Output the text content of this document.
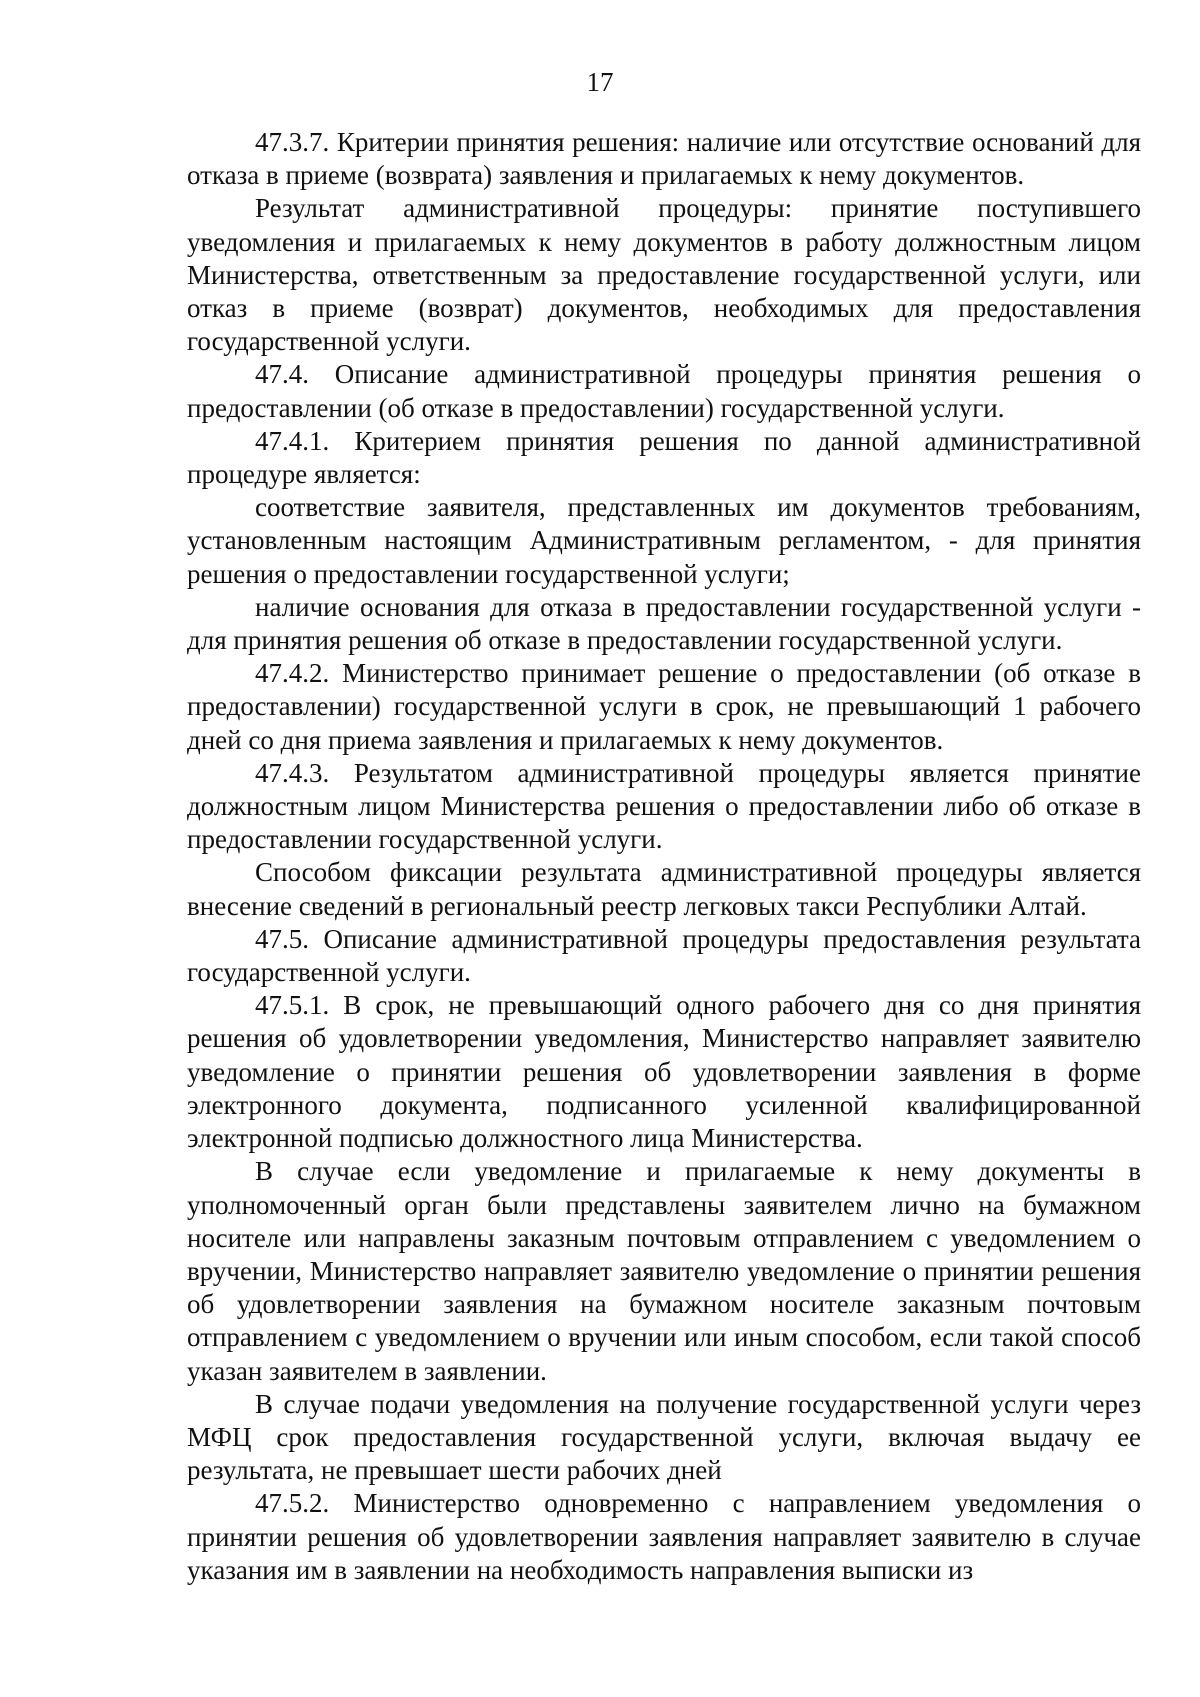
17

47.3.7. Критерии принятия решения: наличие или отсутствие оснований для отказа в приеме (возврата) заявления и прилагаемых к нему документов.

Результат административной процедуры: принятие поступившего уведомления и прилагаемых к нему документов в работу должностным лицом Министерства, ответственным за предоставление государственной услуги, или отказ в приеме (возврат) документов, необходимых для предоставления государственной услуги.

47.4. Описание административной процедуры принятия решения о предоставлении (об отказе в предоставлении) государственной услуги.

47.4.1. Критерием принятия решения по данной административной процедуре является:

соответствие заявителя, представленных им документов требованиям, установленным настоящим Административным регламентом, - для принятия решения о предоставлении государственной услуги;

наличие основания для отказа в предоставлении государственной услуги - для принятия решения об отказе в предоставлении государственной услуги.

47.4.2. Министерство принимает решение о предоставлении (об отказе в предоставлении) государственной услуги в срок, не превышающий 1 рабочего дней со дня приема заявления и прилагаемых к нему документов.

47.4.3. Результатом административной процедуры является принятие должностным лицом Министерства решения о предоставлении либо об отказе в предоставлении государственной услуги.

Способом фиксации результата административной процедуры является внесение сведений в региональный реестр легковых такси Республики Алтай.

47.5. Описание административной процедуры предоставления результата государственной услуги.

47.5.1. В срок, не превышающий одного рабочего дня со дня принятия решения об удовлетворении уведомления, Министерство направляет заявителю уведомление о принятии решения об удовлетворении заявления в форме электронного документа, подписанного усиленной квалифицированной электронной подписью должностного лица Министерства.

В случае если уведомление и прилагаемые к нему документы в уполномоченный орган были представлены заявителем лично на бумажном носителе или направлены заказным почтовым отправлением с уведомлением о вручении, Министерство направляет заявителю уведомление о принятии решения об удовлетворении заявления на бумажном носителе заказным почтовым отправлением с уведомлением о вручении или иным способом, если такой способ указан заявителем в заявлении.

В случае подачи уведомления на получение государственной услуги через МФЦ срок предоставления государственной услуги, включая выдачу ее результата, не превышает шести рабочих дней

47.5.2. Министерство одновременно с направлением уведомления о принятии решения об удовлетворении заявления направляет заявителю в случае указания им в заявлении на необходимость направления выписки из
